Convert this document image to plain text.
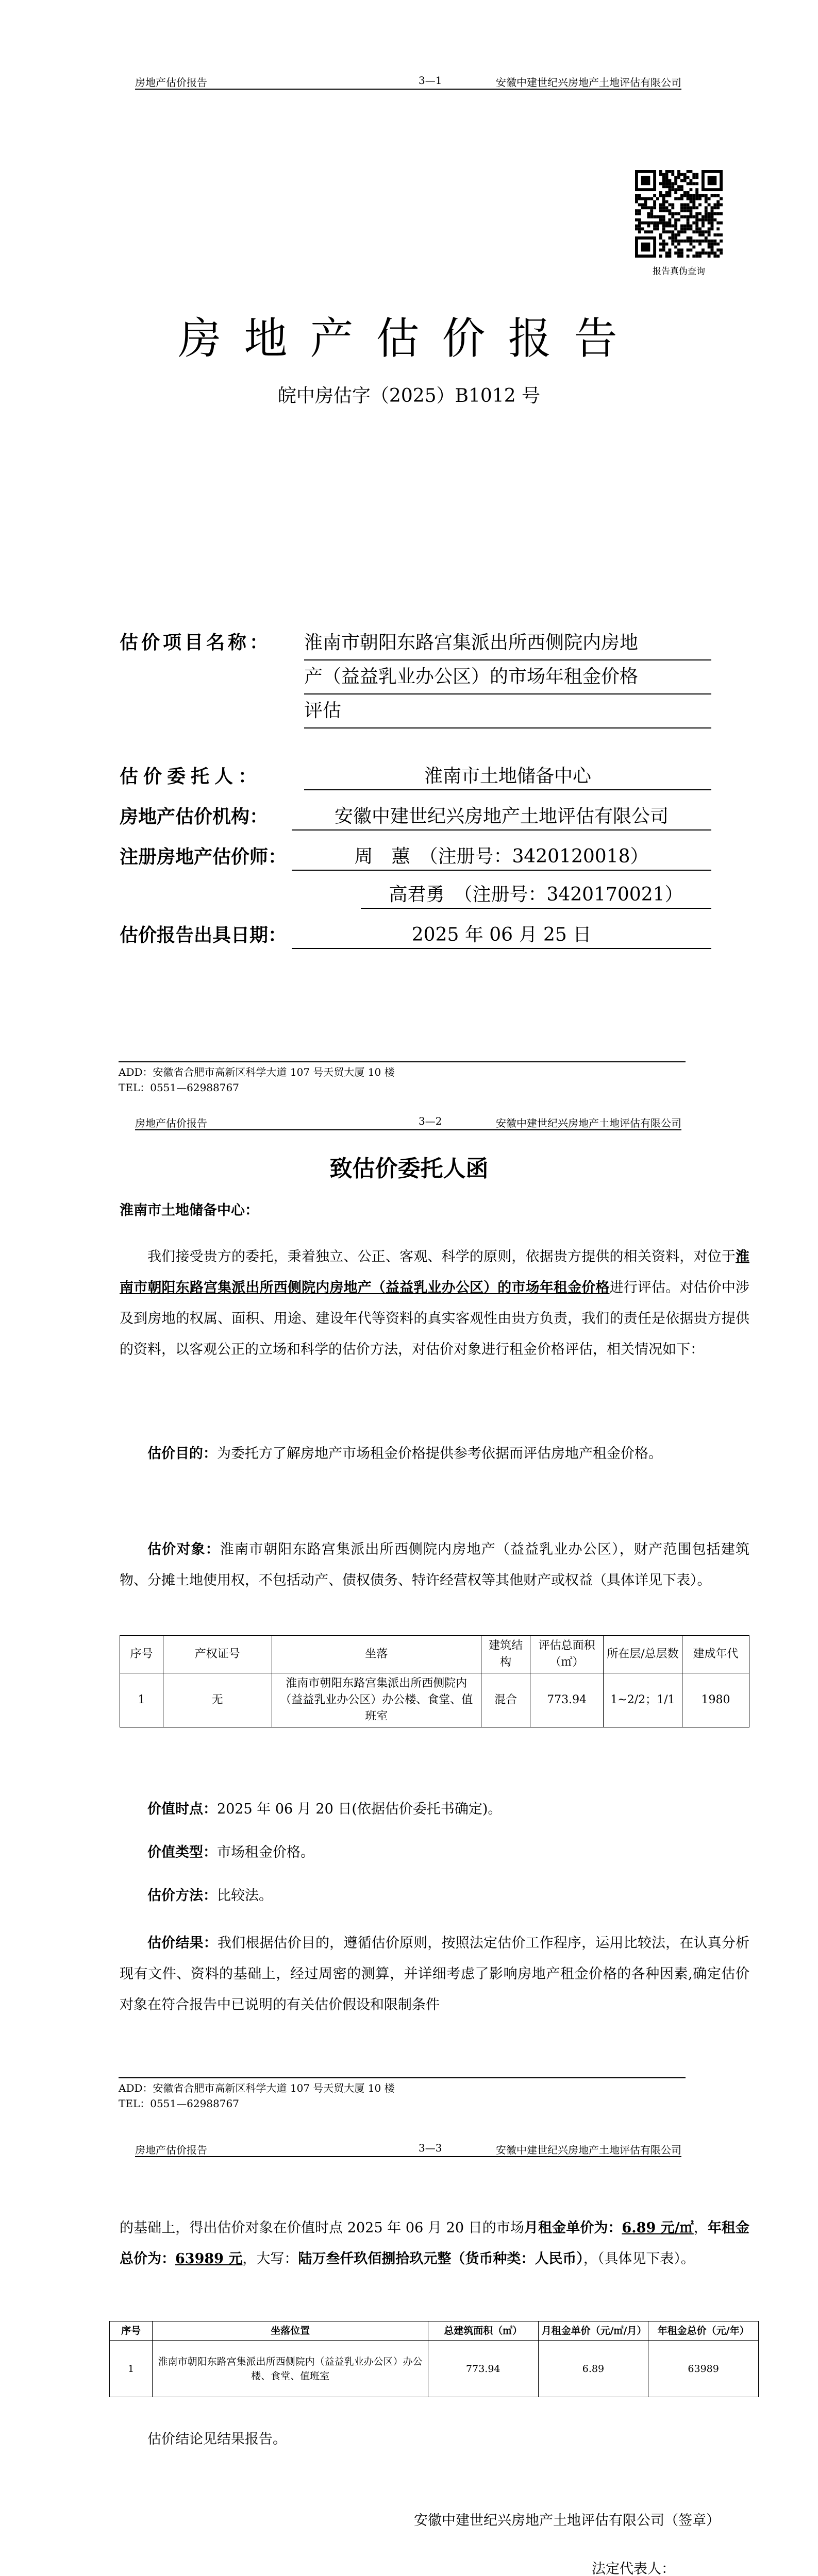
房地产估价报告	3—1	安徽中建世纪兴房地产土地评估有限公司
报告真伪查询
房地产估价报告
皖中房估字（2025）B1012 号
估价项目名称： 淮南市朝阳东路宫集派出所西侧院内房地
产（益益乳业办公区）的市场年租金价格
评估
估价委托人：	淮南市土地储备中心
房地产估价机构：	安徽中建世纪兴房地产土地评估有限公司
注册房地产估价师：	周　蕙　（注册号：3420120018）
高君勇　（注册号：3420170021）
估价报告出具日期：	2025 年 06 月 25 日
ADD：安徽省合肥市高新区科学大道 107 号天贸大厦 10 楼
TEL：0551—62988767
房地产估价报告	3—2	安徽中建世纪兴房地产土地评估有限公司
致估价委托人函
淮南市土地储备中心：
我们接受贵方的委托，秉着独立、公正、客观、科学的原则，依据贵方提供的相关资料，对位于淮南市朝阳东路宫集派出所西侧院内房地产（益益乳业办公区）的市场年租金价格进行评估。对估价中涉及到房地的权属、面积、用途、建设年代等资料的真实客观性由贵方负责，我们的责任是依据贵方提供的资料，以客观公正的立场和科学的估价方法，对估价对象进行租金价格评估，相关情况如下：
估价目的：为委托方了解房地产市场租金价格提供参考依据而评估房地产租金价格。
估价对象：淮南市朝阳东路宫集派出所西侧院内房地产（益益乳业办公区），财产范围包括建筑物、分摊土地使用权，不包括动产、债权债务、特许经营权等其他财产或权益（具体详见下表）。
序号	产权证号	坐落	建筑结构	评估总面积（㎡）	所在层/总层数	建成年代
1	无	淮南市朝阳东路宫集派出所西侧院内（益益乳业办公区）办公楼、食堂、值班室	混合	773.94	1~2/2；1/1	1980
价值时点：2025 年 06 月 20 日(依据估价委托书确定)。
价值类型：市场租金价格。
估价方法：比较法。
估价结果：我们根据估价目的，遵循估价原则，按照法定估价工作程序，运用比较法，在认真分析现有文件、资料的基础上，经过周密的测算，并详细考虑了影响房地产租金价格的各种因素,确定估价对象在符合报告中已说明的有关估价假设和限制条件
ADD：安徽省合肥市高新区科学大道 107 号天贸大厦 10 楼
TEL：0551—62988767
房地产估价报告	3—3	安徽中建世纪兴房地产土地评估有限公司
的基础上，得出估价对象在价值时点 2025 年 06 月 20 日的市场月租金单价为：6.89 元/㎡，年租金总价为：63989 元，大写：陆万叁仟玖佰捌拾玖元整（货币种类：人民币），（具体见下表）。
序号	坐落位置	总建筑面积（㎡）	月租金单价（元/㎡/月）	年租金总价（元/年）
1	淮南市朝阳东路宫集派出所西侧院内（益益乳业办公区）办公楼、食堂、值班室	773.94	6.89	63989
估价结论见结果报告。
安徽中建世纪兴房地产土地评估有限公司（签章）
法定代表人：
